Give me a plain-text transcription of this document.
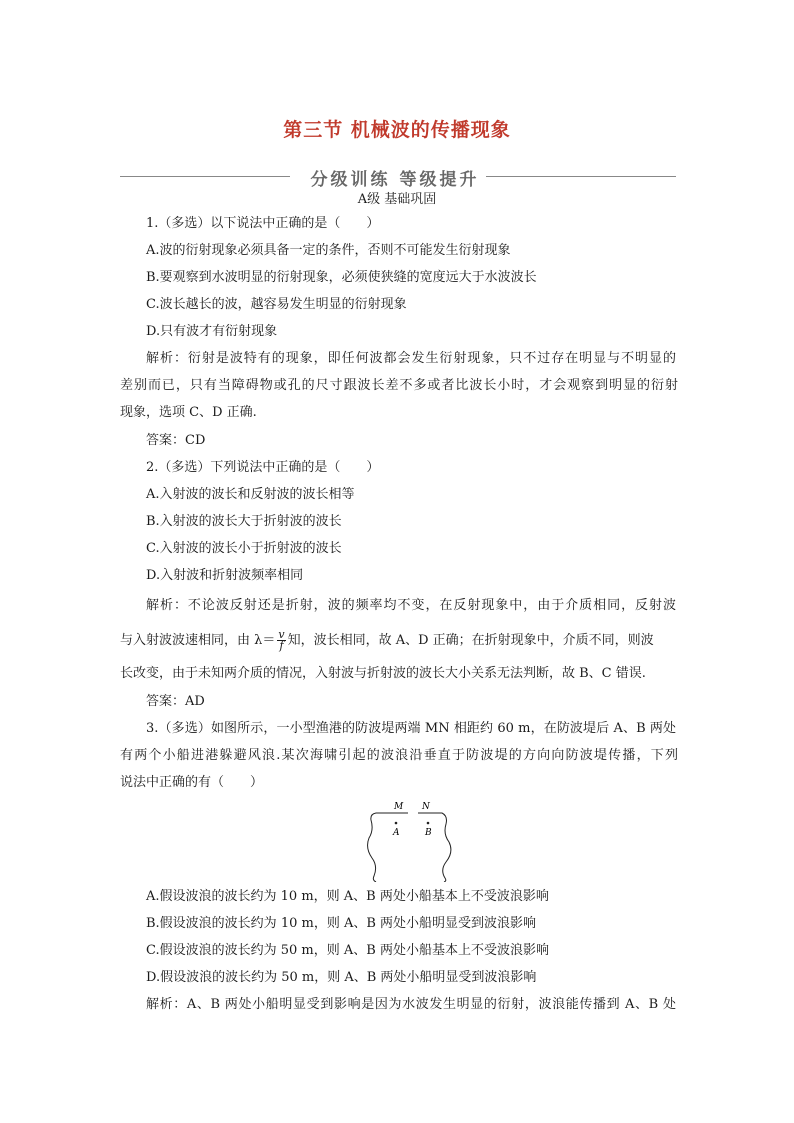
第三节 机械波的传播现象
分级训练 等级提升
A级 基础巩固
1.（多选）以下说法中正确的是（　　）
A.波的衍射现象必须具备一定的条件，否则不可能发生衍射现象
B.要观察到水波明显的衍射现象，必须使狭缝的宽度远大于水波波长
C.波长越长的波，越容易发生明显的衍射现象
D.只有波才有衍射现象
解析：衍射是波特有的现象，即任何波都会发生衍射现象，只不过存在明显与不明显的
差别而已，只有当障碍物或孔的尺寸跟波长差不多或者比波长小时，才会观察到明显的衍射
现象，选项 C、D 正确.
答案：CD
2.（多选）下列说法中正确的是（　　）
A.入射波的波长和反射波的波长相等
B.入射波的波长大于折射波的波长
C.入射波的波长小于折射波的波长
D.入射波和折射波频率相同
解析：不论波反射还是折射，波的频率均不变，在反射现象中，由于介质相同，反射波
与入射波波速相同，由 $\lambda= \frac{v}{f}$ 知，波长相同，故 A、D 正确；在折射现象中，介质不同，则波
长改变，由于未知两介质的情况，入射波与折射波的波长大小关系无法判断，故 B、C 错误.
答案：AD
3.（多选）如图所示，一小型渔港的防波堤两端 MN 相距约 60 m，在防波堤后 A、B 两处
有两个小船进港躲避风浪.某次海啸引起的波浪沿垂直于防波堤的方向向防波堤传播，下列
说法中正确的有（　　）
M N
A	B
A.假设波浪的波长约为 10 m，则 A、B 两处小船基本上不受波浪影响
B.假设波浪的波长约为 10 m，则 A、B 两处小船明显受到波浪影响
C.假设波浪的波长约为 50 m，则 A、B 两处小船基本上不受波浪影响
D.假设波浪的波长约为 50 m，则 A、B 两处小船明显受到波浪影响
解析：A、B 两处小船明显受到影响是因为水波发生明显的衍射，波浪能传播到 A、B 处
